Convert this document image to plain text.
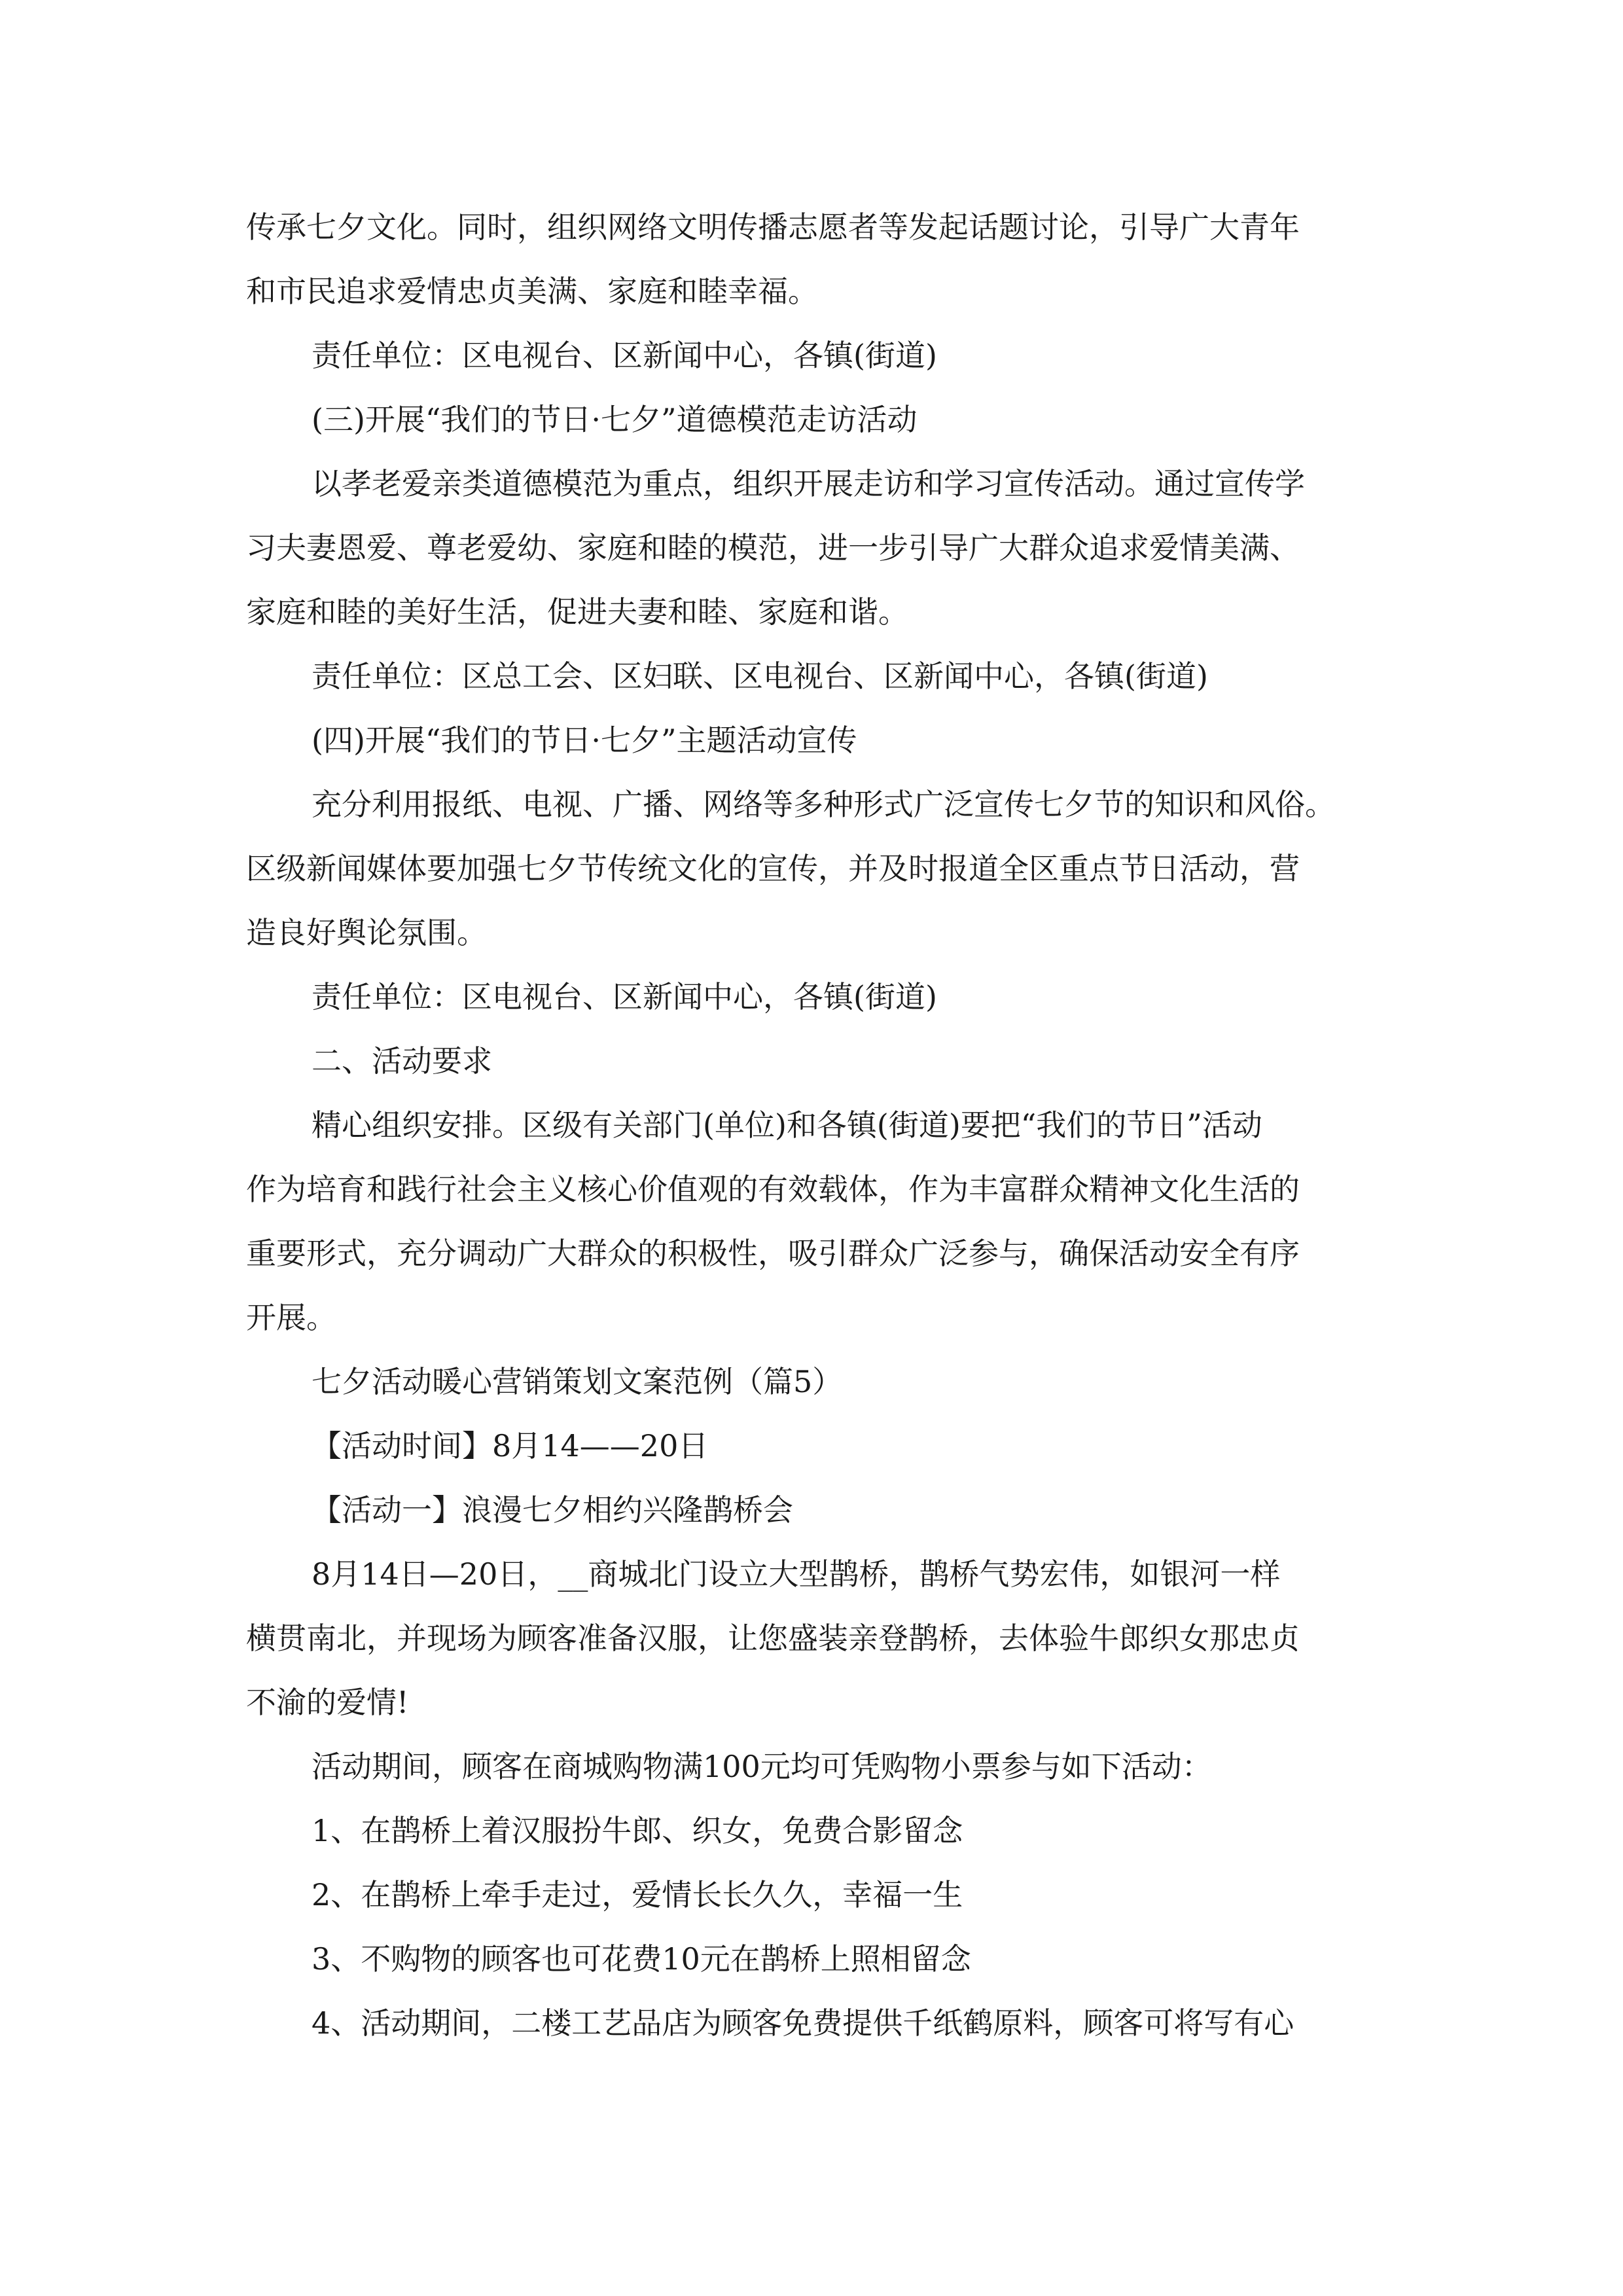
传承七夕文化。同时，组织网络文明传播志愿者等发起话题讨论，引导广大青年
和市民追求爱情忠贞美满、家庭和睦幸福。
责任单位：区电视台、区新闻中心，各镇(街道)
(三)开展“我们的节日·七夕”道德模范走访活动
以孝老爱亲类道德模范为重点，组织开展走访和学习宣传活动。通过宣传学
习夫妻恩爱、尊老爱幼、家庭和睦的模范，进一步引导广大群众追求爱情美满、
家庭和睦的美好生活，促进夫妻和睦、家庭和谐。
责任单位：区总工会、区妇联、区电视台、区新闻中心，各镇(街道)
(四)开展“我们的节日·七夕”主题活动宣传
充分利用报纸、电视、广播、网络等多种形式广泛宣传七夕节的知识和风俗。
区级新闻媒体要加强七夕节传统文化的宣传，并及时报道全区重点节日活动，营
造良好舆论氛围。
责任单位：区电视台、区新闻中心，各镇(街道)
二、活动要求
精心组织安排。区级有关部门(单位)和各镇(街道)要把“我们的节日”活动
作为培育和践行社会主义核心价值观的有效载体，作为丰富群众精神文化生活的
重要形式，充分调动广大群众的积极性，吸引群众广泛参与，确保活动安全有序
开展。
七夕活动暖心营销策划文案范例（篇5）
【活动时间】8月14——20日
【活动一】浪漫七夕相约兴隆鹊桥会
8月14日—20日，__商城北门设立大型鹊桥，鹊桥气势宏伟，如银河一样
横贯南北，并现场为顾客准备汉服，让您盛装亲登鹊桥，去体验牛郎织女那忠贞
不渝的爱情!
活动期间，顾客在商城购物满100元均可凭购物小票参与如下活动：
1、在鹊桥上着汉服扮牛郎、织女，免费合影留念
2、在鹊桥上牵手走过，爱情长长久久，幸福一生
3、不购物的顾客也可花费10元在鹊桥上照相留念
4、活动期间，二楼工艺品店为顾客免费提供千纸鹤原料，顾客可将写有心
